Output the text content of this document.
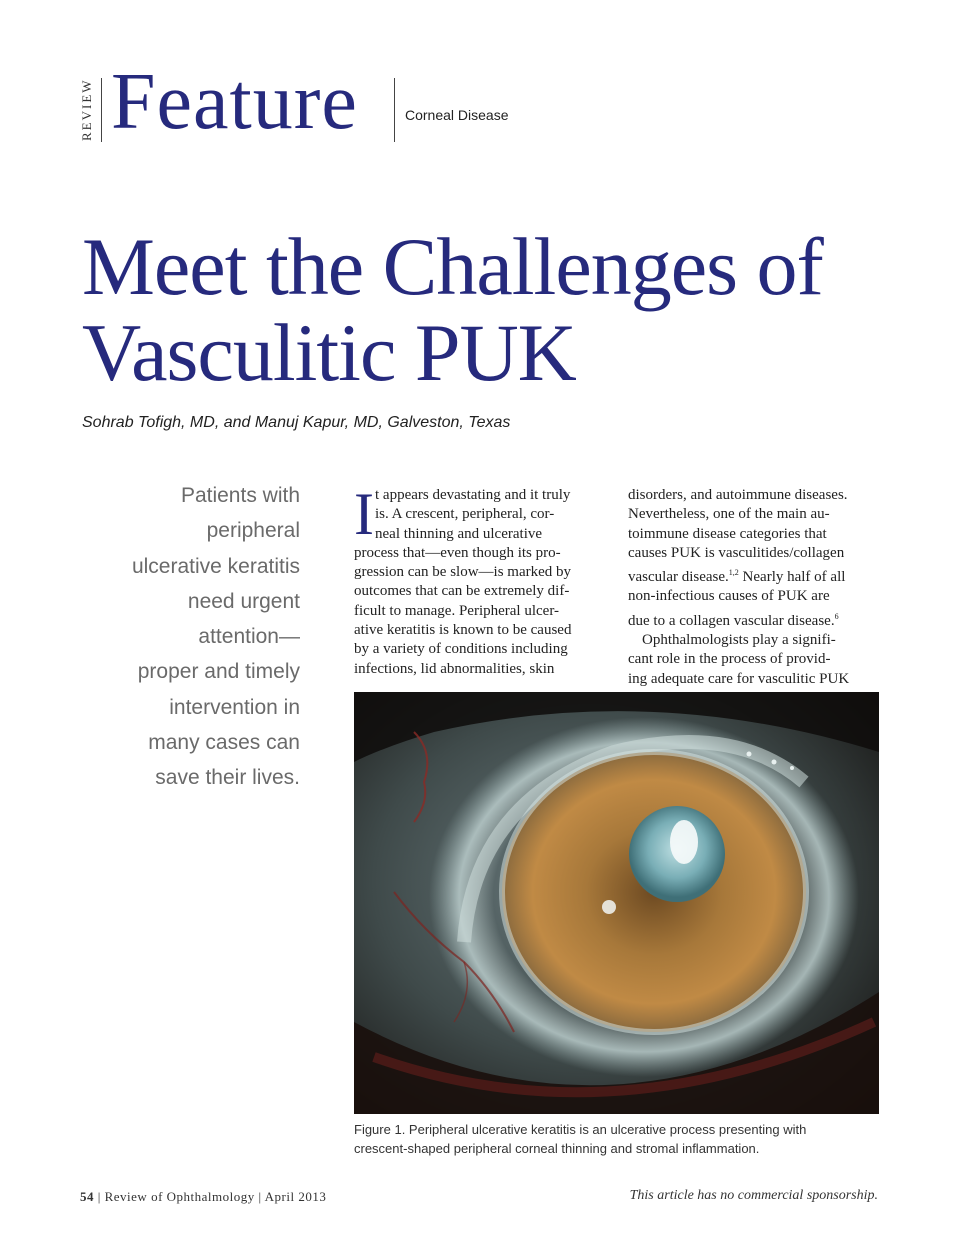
REVIEW Feature	Corneal Disease
Meet the Challenges of
Vasculitic PUK
Sohrab Tofigh, MD, and Manuj Kapur, MD, Galveston, Texas
Patients with
peripheral
ulcerative keratitis
need urgent
attention—
proper and timely
intervention in
many cases can
save their lives.
I t appears devastating and it truly
is. A crescent, peripheral, cor-
neal thinning and ulcerative
process that—even though its pro-
gression can be slow—is marked by
outcomes that can be extremely dif-
ficult to manage. Peripheral ulcer-
ative keratitis is known to be caused
by a variety of conditions including
infections, lid abnormalities, skin
disorders, and autoimmune diseases.
Nevertheless, one of the main au-
toimmune disease categories that
causes PUK is vasculitides/collagen
vascular disease.$^{1,2}$ Nearly half of all
non-infectious causes of PUK are
due to a collagen vascular disease.$^6$
Ophthalmologists play a signifi-
cant role in the process of provid-
ing adequate care for vasculitic PUK
Figure 1. Peripheral ulcerative keratitis is an ulcerative process presenting with
crescent-shaped peripheral corneal thinning and stromal inflammation.
54 | Review of Ophthalmology | April 2013	This article has no commercial sponsorship.
